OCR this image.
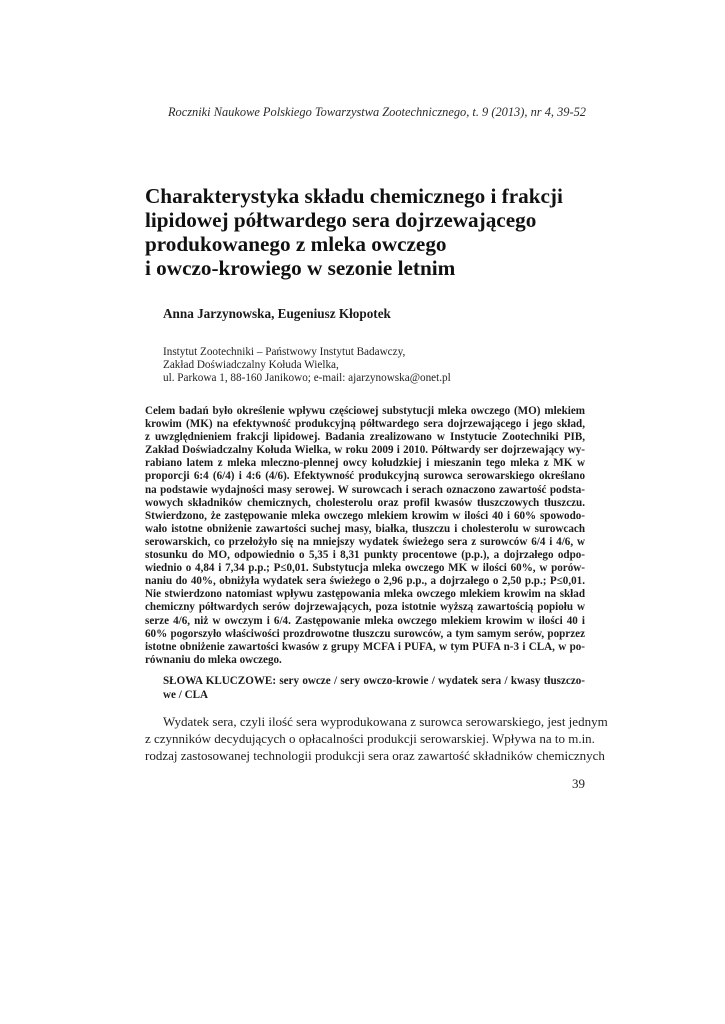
Roczniki Naukowe Polskiego Towarzystwa Zootechnicznego, t. 9 (2013), nr 4, 39-52
Charakterystyka składu chemicznego i frakcji
lipidowej półtwardego sera dojrzewającego
produkowanego z mleka owczego
i owczo-krowiego w sezonie letnim
Anna Jarzynowska, Eugeniusz Kłopotek
Instytut Zootechniki – Państwowy Instytut Badawczy,
Zakład Doświadczalny Kołuda Wielka,
ul. Parkowa 1, 88-160 Janikowo; e-mail: ajarzynowska@onet.pl
Celem badań było określenie wpływu częściowej substytucji mleka owczego (MO) mlekiem
krowim (MK) na efektywność produkcyjną półtwardego sera dojrzewającego i jego skład,
z uwzględnieniem frakcji lipidowej. Badania zrealizowano w Instytucie Zootechniki PIB,
Zakład Doświadczalny Kołuda Wielka, w roku 2009 i 2010. Półtwardy ser dojrzewający wy-
rabiano latem z mleka mleczno-plennej owcy kołudzkiej i mieszanin tego mleka z MK w
proporcji 6:4 (6/4) i 4:6 (4/6). Efektywność produkcyjną surowca serowarskiego określano
na podstawie wydajności masy serowej. W surowcach i serach oznaczono zawartość podsta-
wowych składników chemicznych, cholesterolu oraz profil kwasów tłuszczowych tłuszczu.
Stwierdzono, że zastępowanie mleka owczego mlekiem krowim w ilości 40 i 60% spowodo-
wało istotne obniżenie zawartości suchej masy, białka, tłuszczu i cholesterolu w surowcach
serowarskich, co przełożyło się na mniejszy wydatek świeżego sera z surowców 6/4 i 4/6, w
stosunku do MO, odpowiednio o 5,35 i 8,31 punkty procentowe (p.p.), a dojrzałego odpo-
wiednio o 4,84 i 7,34 p.p.; P≤0,01. Substytucja mleka owczego MK w ilości 60%, w porów-
naniu do 40%, obniżyła wydatek sera świeżego o 2,96 p.p., a dojrzałego o 2,50 p.p.; P≤0,01.
Nie stwierdzono natomiast wpływu zastępowania mleka owczego mlekiem krowim na skład
chemiczny półtwardych serów dojrzewających, poza istotnie wyższą zawartością popiołu w
serze 4/6, niż w owczym i 6/4. Zastępowanie mleka owczego mlekiem krowim w ilości 40 i
60% pogorszyło właściwości prozdrowotne tłuszczu surowców, a tym samym serów, poprzez
istotne obniżenie zawartości kwasów z grupy MCFA i PUFA, w tym PUFA n-3 i CLA, w po-
równaniu do mleka owczego.
SŁOWA KLUCZOWE: sery owcze / sery owczo-krowie / wydatek sera / kwasy tłuszczo-
we / CLA
Wydatek sera, czyli ilość sera wyprodukowana z surowca serowarskiego, jest jednym
z czynników decydujących o opłacalności produkcji serowarskiej. Wpływa na to m.in.
rodzaj zastosowanej technologii produkcji sera oraz zawartość składników chemicznych
39
